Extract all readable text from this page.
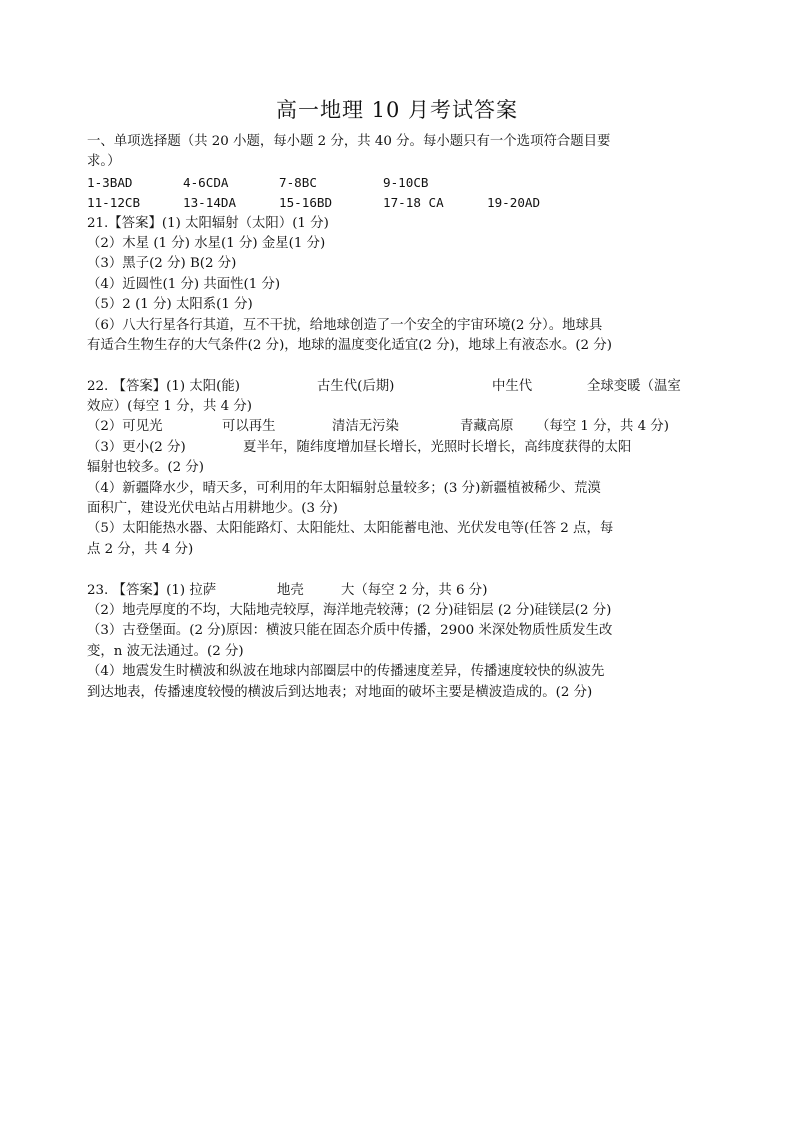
高一地理 10 月考试答案
一、单项选择题（共 20 小题，每小题 2 分，共 40 分。每小题只有一个选项符合题目要
求。）
1-3BAD	4-6CDA	7-8BC	9-10CB
11-12CB	13-14DA	15-16BD	17-18 CA	19-20AD
21.【答案】(1) 太阳辐射（太阳）(1 分)
（2）木星 (1 分) 水星(1 分) 金星(1 分)
（3）黑子(2 分) B(2 分)
（4）近圆性(1 分) 共面性(1 分)
（5）2 (1 分) 太阳系(1 分)
（6）八大行星各行其道，互不干扰，给地球创造了一个安全的宇宙环境(2 分）。地球具
有适合生物生存的大气条件(2 分)，地球的温度变化适宜(2 分)，地球上有液态水。(2 分)
22. 【答案】(1) 太阳(能)	古生代(后期)	中生代	全球变暖（温室
效应）(每空 1 分，共 4 分)
（2）可见光	可以再生	清洁无污染	青藏高原	（每空 1 分，共 4 分)
（3）更小(2 分)	夏半年，随纬度增加昼长增长，光照时长增长，高纬度获得的太阳
辐射也较多。(2 分)
（4）新疆降水少，晴天多，可利用的年太阳辐射总量较多；(3 分)新疆植被稀少、荒漠
面积广，建设光伏电站占用耕地少。(3 分)
（5）太阳能热水器、太阳能路灯、太阳能灶、太阳能蓄电池、光伏发电等(任答 2 点，每
点 2 分，共 4 分)
23. 【答案】(1) 拉萨	地壳	大（每空 2 分，共 6 分)
（2）地壳厚度的不均，大陆地壳较厚，海洋地壳较薄；(2 分)硅铝层 (2 分)硅镁层(2 分)
（3）古登堡面。(2 分)原因：横波只能在固态介质中传播，2900 米深处物质性质发生改
变，n 波无法通过。(2 分)
（4）地震发生时横波和纵波在地球内部圈层中的传播速度差异，传播速度较快的纵波先
到达地表，传播速度较慢的横波后到达地表；对地面的破坏主要是横波造成的。(2 分)
